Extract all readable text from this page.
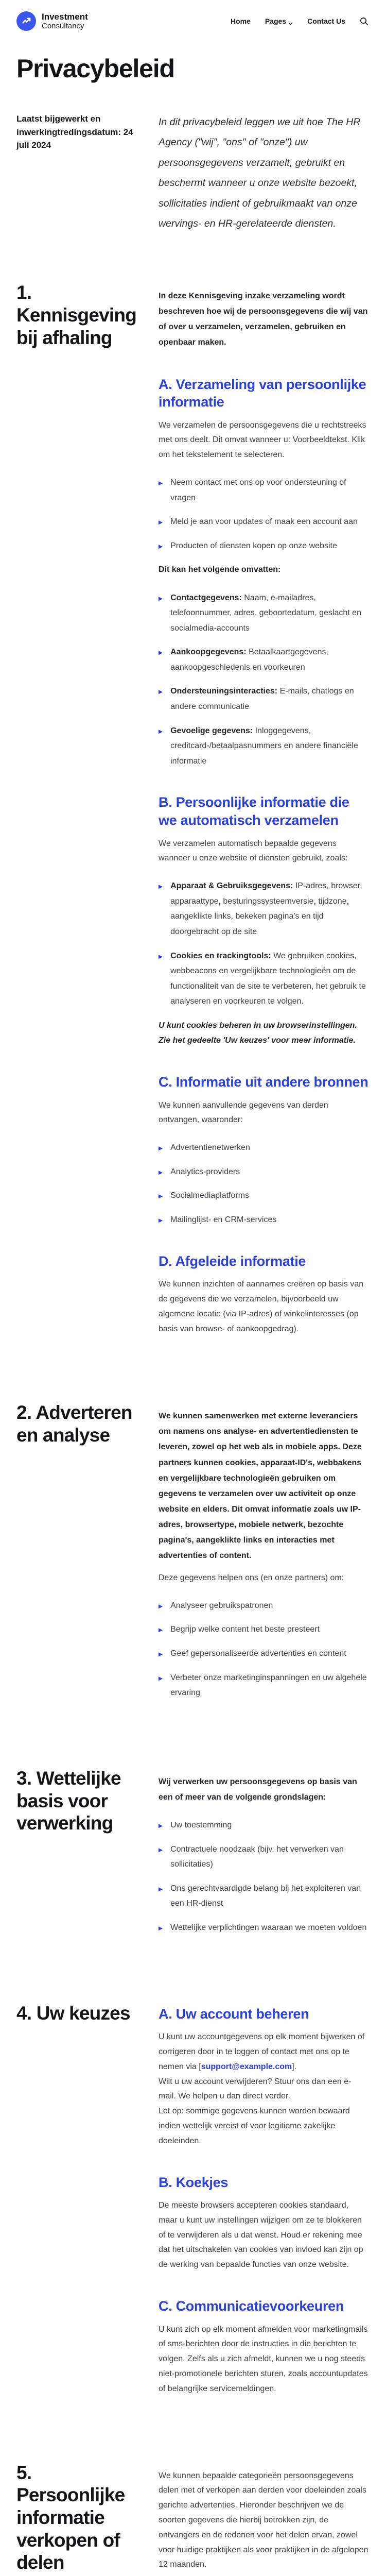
Investment
Consultancy
Home Pages	Contact Us
Privacybeleid
Laatst bijgewerkt en inwerkingtredingsdatum: 24 juli 2024

In dit privacybeleid leggen we uit hoe The HR Agency ("wij", "ons" of "onze") uw persoonsgegevens verzamelt, gebruikt en beschermt wanneer u onze website bezoekt, sollicitaties indient of gebruikmaakt van onze wervings- en HR-gerelateerde diensten.

1. Kennisgeving bij afhaling

In deze Kennisgeving inzake verzameling wordt beschreven hoe wij de persoonsgegevens die wij van of over u verzamelen, verzamelen, gebruiken en openbaar maken.

A. Verzameling van persoonlijke informatie

We verzamelen de persoonsgegevens die u rechtstreeks met ons deelt. Dit omvat wanneer u: Voorbeeldtekst. Klik om het tekstelement te selecteren.

▶ Neem contact met ons op voor ondersteuning of vragen
▶ Meld je aan voor updates of maak een account aan
▶ Producten of diensten kopen op onze website

Dit kan het volgende omvatten:

▶ Contactgegevens: Naam, e-mailadres, telefoonnummer, adres, geboortedatum, geslacht en socialmedia-accounts
▶ Aankoopgegevens: Betaalkaartgegevens, aankoopgeschiedenis en voorkeuren
▶ Ondersteuningsinteracties: E-mails, chatlogs en andere communicatie
▶ Gevoelige gegevens: Inloggegevens, creditcard-/betaalpasnummers en andere financiële informatie
B. Persoonlijke informatie die we automatisch verzamelen

We verzamelen automatisch bepaalde gegevens wanneer u onze website of diensten gebruikt, zoals:

▶ Apparaat & Gebruiksgegevens: IP-adres, browser, apparaattype, besturingssysteemversie, tijdzone, aangeklikte links, bekeken pagina's en tijd doorgebracht op de site
▶ Cookies en trackingtools: We gebruiken cookies, webbeacons en vergelijkbare technologieën om de functionaliteit van de site te verbeteren, het gebruik te analyseren en voorkeuren te volgen.

U kunt cookies beheren in uw browserinstellingen. Zie het gedeelte 'Uw keuzes' voor meer informatie.

C. Informatie uit andere bronnen

We kunnen aanvullende gegevens van derden ontvangen, waaronder:

▶ Advertentienetwerken
▶ Analytics-providers
▶ Socialmediaplatforms
▶ Mailinglijst- en CRM-services
D. Afgeleide informatie

We kunnen inzichten of aannames creëren op basis van de gegevens die we verzamelen, bijvoorbeeld uw algemene locatie (via IP-adres) of winkelinteresses (op basis van browse- of aankoopgedrag).

2. Adverteren en analyse

We kunnen samenwerken met externe leveranciers om namens ons analyse- en advertentiediensten te leveren, zowel op het web als in mobiele apps. Deze partners kunnen cookies, apparaat-ID's, webbakens en vergelijkbare technologieën gebruiken om gegevens te verzamelen over uw activiteit op onze website en elders. Dit omvat informatie zoals uw IP-adres, browsertype, mobiele netwerk, bezochte pagina's, aangeklikte links en interacties met advertenties of content.

Deze gegevens helpen ons (en onze partners) om:

▶ Analyseer gebruikspatronen
▶ Begrijp welke content het beste presteert
▶ Geef gepersonaliseerde advertenties en content
▶ Verbeter onze marketinginspanningen en uw algehele ervaring
3. Wettelijke basis voor verwerking

Wij verwerken uw persoonsgegevens op basis van een of meer van de volgende grondslagen:

▶ Uw toestemming
▶ Contractuele noodzaak (bijv. het verwerken van sollicitaties)
▶ Ons gerechtvaardigde belang bij het exploiteren van een HR-dienst
▶ Wettelijke verplichtingen waaraan we moeten voldoen
4. Uw keuzes	A. Uw account beheren

U kunt uw accountgegevens op elk moment bijwerken of corrigeren door in te loggen of contact met ons op te nemen via [support@example.com].
Wilt u uw account verwijderen? Stuur ons dan een e-mail. We helpen u dan direct verder.
Let op: sommige gegevens kunnen worden bewaard indien wettelijk vereist of voor legitieme zakelijke doeleinden.

B. Koekjes

De meeste browsers accepteren cookies standaard, maar u kunt uw instellingen wijzigen om ze te blokkeren of te verwijderen als u dat wenst. Houd er rekening mee dat het uitschakelen van cookies van invloed kan zijn op de werking van bepaalde functies van onze website.

C. Communicatievoorkeuren

U kunt zich op elk moment afmelden voor marketingmails of sms-berichten door de instructies in die berichten te volgen. Zelfs als u zich afmeldt, kunnen we u nog steeds niet-promotionele berichten sturen, zoals accountupdates of belangrijke servicemeldingen.

5. Persoonlijke informatie verkopen of delen

We kunnen bepaalde categorieën persoonsgegevens delen met of verkopen aan derden voor doeleinden zoals gerichte advertenties. Hieronder beschrijven we de soorten gegevens die hierbij betrokken zijn, de ontvangers en de redenen voor het delen ervan, zowel voor huidige praktijken als voor praktijken in de afgelopen 12 maanden.
